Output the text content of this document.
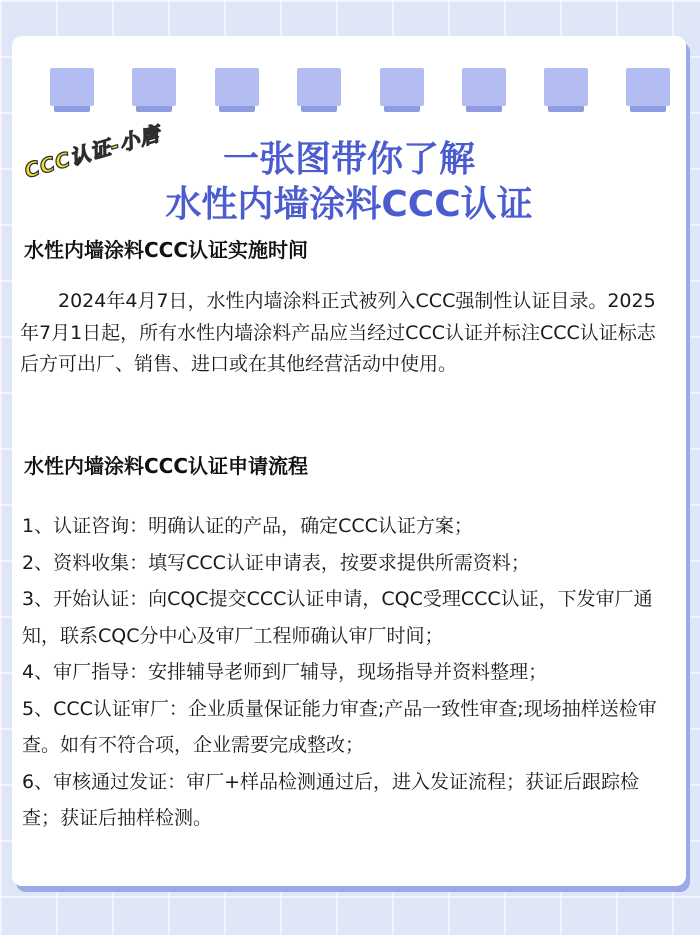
CCC认证-小唐	一张图带你了解
水性内墙涂料CCC认证
水性内墙涂料CCC认证实施时间

2024年4月7日，水性内墙涂料正式被列入CCC强制性认证目录。2025年7月1日起，所有水性内墙涂料产品应当经过CCC认证并标注CCC认证标志后方可出厂、销售、进口或在其他经营活动中使用。

水性内墙涂料CCC认证申请流程
1、认证咨询：明确认证的产品，确定CCC认证方案；
2、资料收集：填写CCC认证申请表，按要求提供所需资料；
3、开始认证：向CQC提交CCC认证申请，CQC受理CCC认证，下发审厂通知，联系CQC分中心及审厂工程师确认审厂时间；
4、审厂指导：安排辅导老师到厂辅导，现场指导并资料整理；
5、CCC认证审厂：企业质量保证能力审查;产品一致性审查;现场抽样送检审查。如有不符合项，企业需要完成整改；
6、审核通过发证：审厂+样品检测通过后，进入发证流程；获证后跟踪检查；获证后抽样检测。
